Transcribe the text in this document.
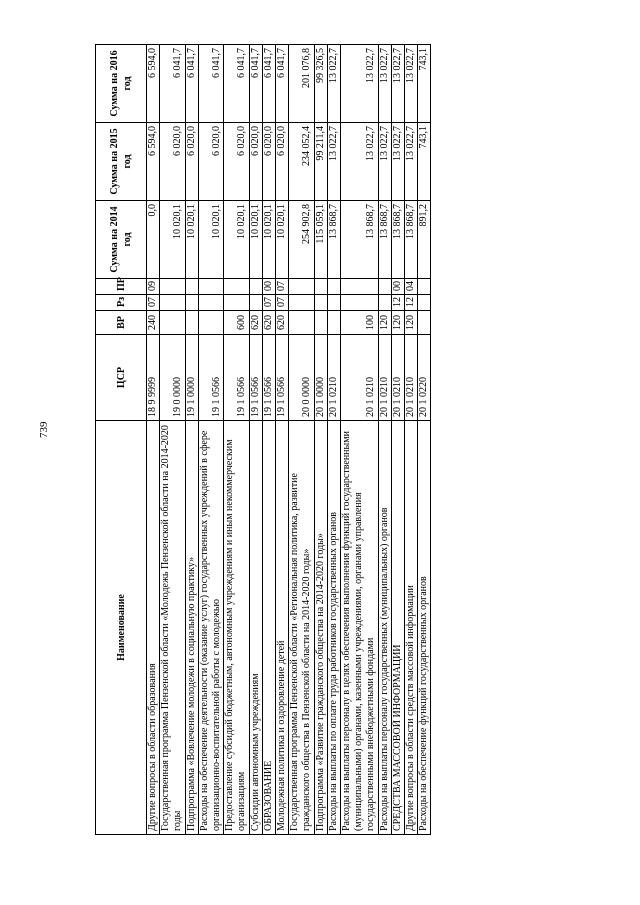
739
Наименование	ЦСР	ВР	Рз	ПР	Сумма на 2014 год	Сумма на 2015 год	Сумма на 2016 год
Другие вопросы в области образования	18 9 9999	240	07	09	0,0	6 594,0	6 594,0
Государственная программа Пензенской области «Молодежь Пензенской области на 2014-2020 годы	19 0 0000				10 020,1	6 020,0	6 041,7
Подпрограмма «Вовлечение молодежи в социальную практику»	19 1 0000				10 020,1	6 020,0	6 041,7
Расходы на обеспечение деятельности (оказание услуг) государственных учреждений в сфере организационно-воспитательной работы с молодежью	19 1 0566				10 020,1	6 020,0	6 041,7
Предоставление субсидий бюджетным, автономным учреждениям и иным некоммерческим организациям	19 1 0566	600			10 020,1	6 020,0	6 041,7
Субсидии автономным учреждениям	19 1 0566	620			10 020,1	6 020,0	6 041,7
ОБРАЗОВАНИЕ	19 1 0566	620	07	00	10 020,1	6 020,0	6 041,7
Молодежная политика и оздоровление детей	19 1 0566	620	07	07	10 020,1	6 020,0	6 041,7
Государственная программа Пензенской области «Региональная политика, развитие гражданского общества в Пензенской области на 2014-2020 годы»	20 0 0000				254 902,8	234 052,4	201 076,8
Подпрограмма «Развитие гражданского общества на 2014-2020 годы»	20 1 0000				115 059,1	99 211,4	99 326,5
Расходы на выплаты по оплате труда работников государственных органов	20 1 0210				13 868,7	13 022,7	13 022,7
Расходы на выплаты персоналу в целях обеспечения выполнения функций государственными (муниципальными) органами, казенными учреждениями, органами управления государственными внебюджетными фондами	20 1 0210	100			13 868,7	13 022,7	13 022,7
Расходы на выплаты персоналу государственных (муниципальных) органов	20 1 0210	120			13 868,7	13 022,7	13 022,7
СРЕДСТВА МАССОВОЙ ИНФОРМАЦИИ	20 1 0210	120	12	00	13 868,7	13 022,7	13 022,7
Другие вопросы в области средств массовой информации	20 1 0210	120	12	04	13 868,7	13 022,7	13 022,7
Расходы на обеспечение функций государственных органов	20 1 0220				891,2	743,1	743,1
